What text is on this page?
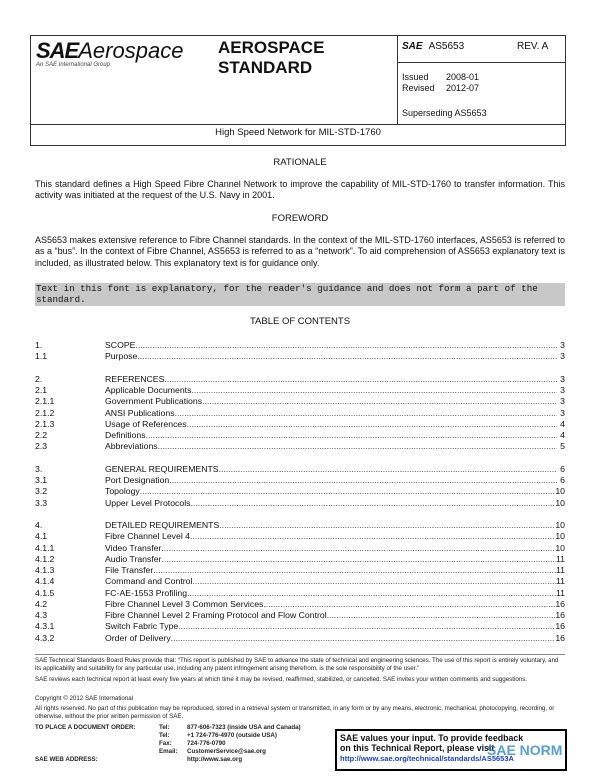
SAEAerospace
An SAE International Group
AEROSPACE
STANDARD
SAE AS5653	REV. A
Issued 2008-01
Revised 2012-07
Superseding AS5653
High Speed Network for MIL-STD-1760
RATIONALE
This standard defines a High Speed Fibre Channel Network to improve the capability of MIL-STD-1760 to transfer information. This activity was initiated at the request of the U.S. Navy in 2001.
FOREWORD
AS5653 makes extensive reference to Fibre Channel standards. In the context of the MIL-STD-1760 interfaces, AS5653 is referred to as a “bus”. In the context of Fibre Channel, AS5653 is referred to as a “network”. To aid comprehension of AS5653 explanatory text is included, as illustrated below. This explanatory text is for guidance only.
Text in this font is explanatory, for the reader's guidance and does not form a part of the standard.
TABLE OF CONTENTS
1.	SCOPE .....	3
1.1	Purpose .....	3
2.	REFERENCES .....	3
2.1	Applicable Documents .....	3
2.1.1	Government Publications .....	3
2.1.2	ANSI Publications .....	3
2.1.3	Usage of References .....	4
2.2	Definitions .....	4
2.3	Abbreviations .....	5
3.	GENERAL REQUIREMENTS .....	6
3.1	Port Designation .....	6
3.2	Topology .....	10
3.3	Upper Level Protocols .....	10
4.	DETAILED REQUIREMENTS .....	10
4.1	Fibre Channel Level 4 .....	10
4.1.1	Video Transfer .....	10
4.1.2	Audio Transfer .....	11
4.1.3	File Transfer .....	11
4.1.4	Command and Control .....	11
4.1.5	FC-AE-1553 Profiling .....	11
4.2	Fibre Channel Level 3 Common Services .....	16
4.3	Fibre Channel Level 2 Framing Protocol and Flow Control .....	16
4.3.1	Switch Fabric Type .....	16
4.3.2	Order of Delivery .....	16
SAE Technical Standards Board Rules provide that: “This report is published by SAE to advance the state of technical and engineering sciences. The use of this report is entirely voluntary, and its applicability and suitability for any particular use, including any patent infringement arising therefrom, is the sole responsibility of the user.”
SAE reviews each technical report at least every five years at which time it may be revised, reaffirmed, stabilized, or cancelled. SAE invites your written comments and suggestions.
Copyright © 2012 SAE International
All rights reserved. No part of this publication may be reproduced, stored in a retrieval system or transmitted, in any form or by any means, electronic, mechanical, photocopying, recording, or otherwise, without the prior written permission of SAE.
TO PLACE A DOCUMENT ORDER:	Tel:	877-606-7323 (inside USA and Canada)
Tel:	+1 724-776-4970 (outside USA)
Fax:	724-776-0790
Email:	CustomerService@sae.org
SAE WEB ADDRESS:	http://www.sae.org
SAE values your input. To provide feedback
on this Technical Report, please visit
http://www.sae.org/technical/standards/AS5653A
SAE NORM
